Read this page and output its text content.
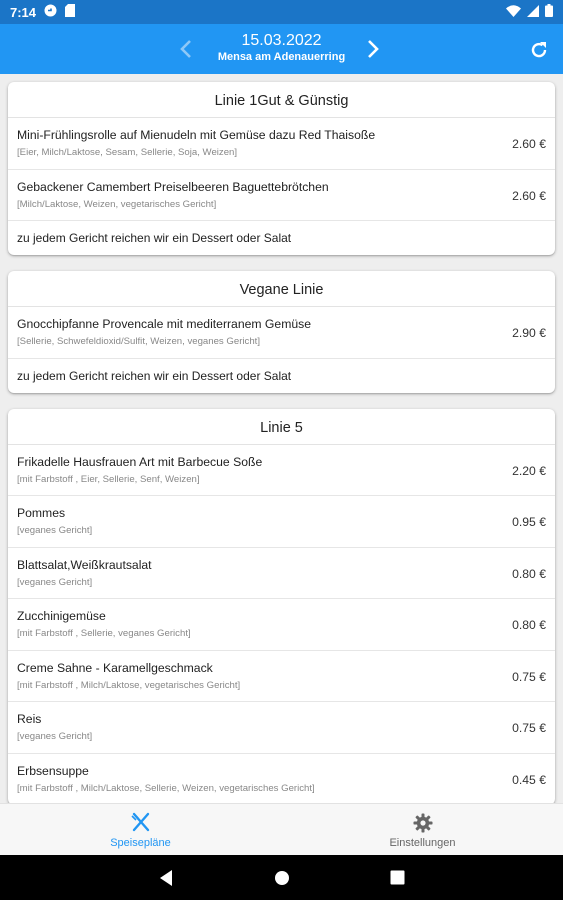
7:14
15.03.2022
Mensa am Adenauerring
Linie 1Gut & Günstig
Mini-Frühlingsrolle auf Mienudeln mit Gemüse dazu Red Thaisoße
[Eier, Milch/Laktose, Sesam, Sellerie, Soja, Weizen]
2.60 €
Gebackener Camembert Preiselbeeren Baguettebrötchen
[Milch/Laktose, Weizen, vegetarisches Gericht]
2.60 €
zu jedem Gericht reichen wir ein Dessert oder Salat
Vegane Linie
Gnocchipfanne Provencale mit mediterranem Gemüse
[Sellerie, Schwefeldioxid/Sulfit, Weizen, veganes Gericht]
2.90 €
zu jedem Gericht reichen wir ein Dessert oder Salat
Linie 5
Frikadelle Hausfrauen Art mit Barbecue Soße
[mit Farbstoff , Eier, Sellerie, Senf, Weizen]
2.20 €
Pommes
[veganes Gericht]
0.95 €
Blattsalat,Weißkrautsalat
[veganes Gericht]
0.80 €
Zucchinigemüse
[mit Farbstoff , Sellerie, veganes Gericht]
0.80 €
Creme Sahne - Karamellgeschmack
[mit Farbstoff , Milch/Laktose, vegetarisches Gericht]
0.75 €
Reis
[veganes Gericht]
0.75 €
Erbsensuppe
[mit Farbstoff , Milch/Laktose, Sellerie, Weizen, vegetarisches Gericht]
0.45 €
Speisepläne	Einstellungen
